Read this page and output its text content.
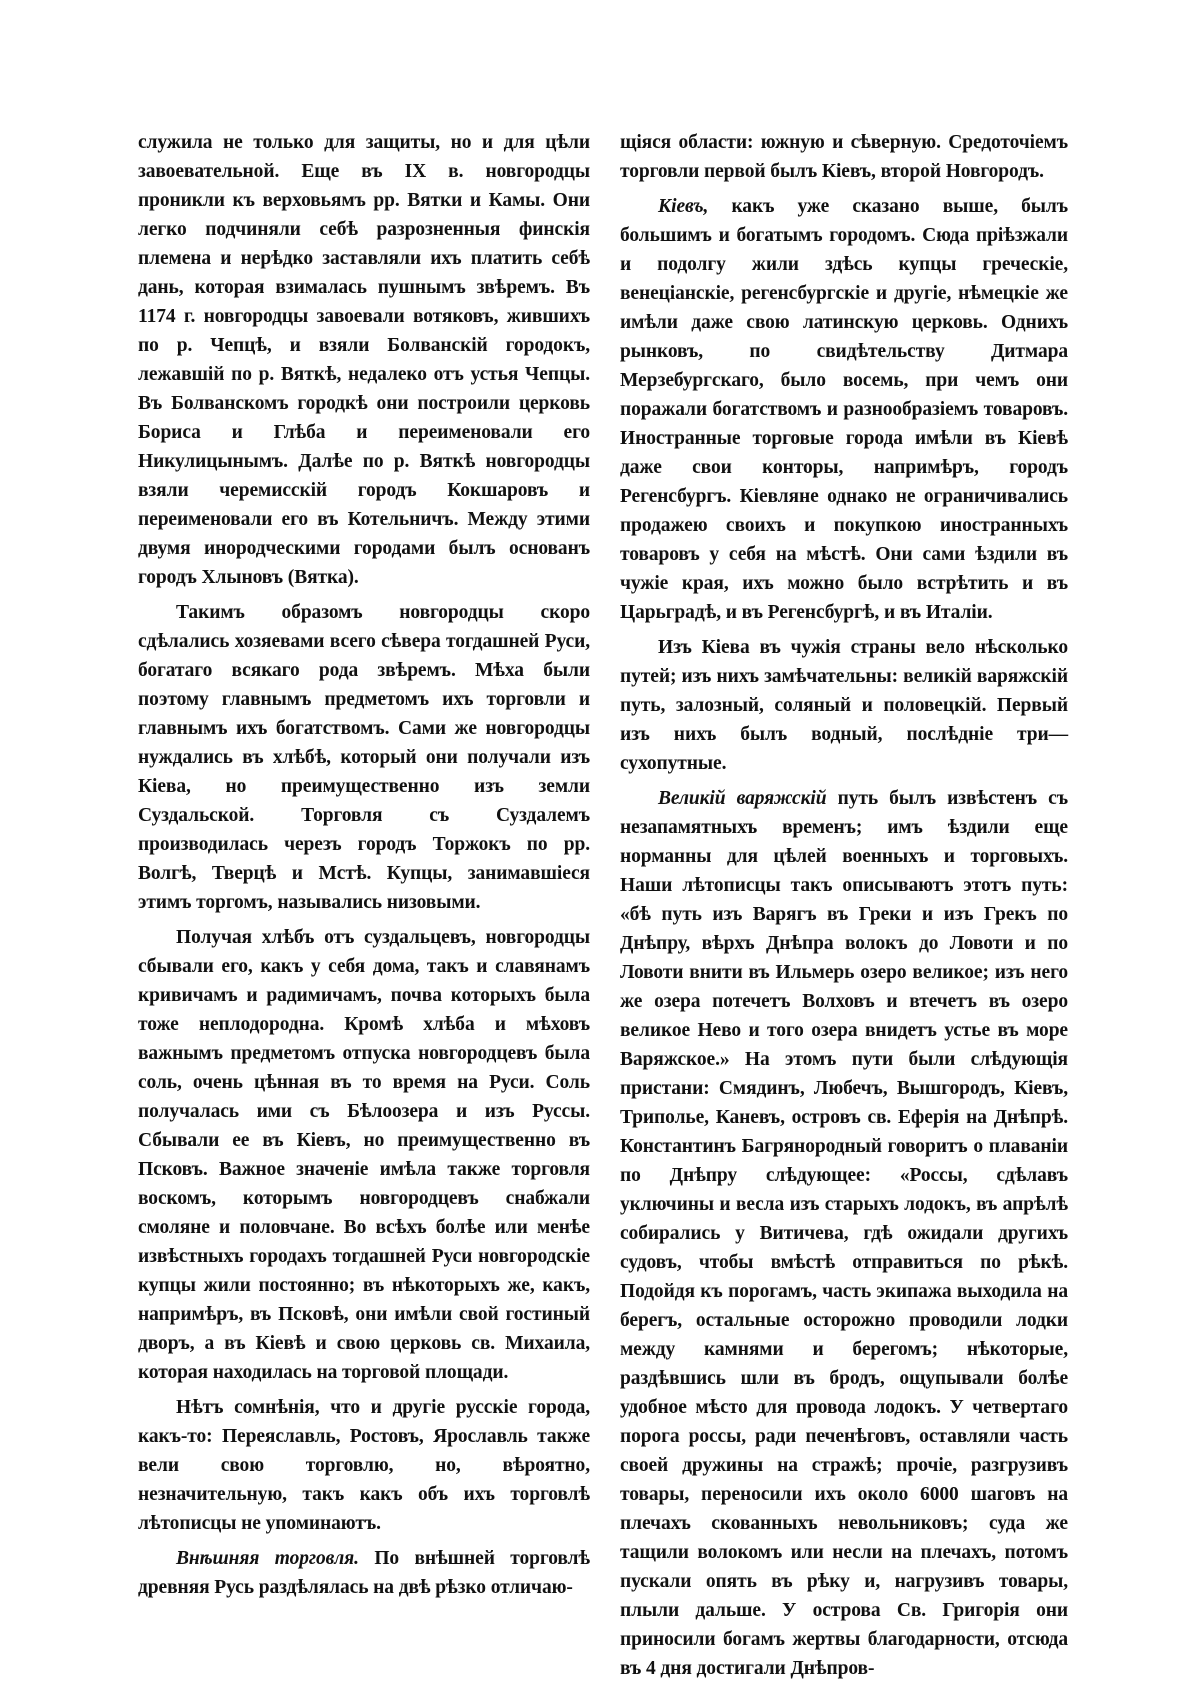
служила не только для защиты, но и для цѣли завоевательной. Еще въ IX в. новгородцы проникли къ верховьямъ рр. Вятки и Камы. Они легко подчиняли себѣ разрозненныя финскія племена и нерѣдко заставляли ихъ платить себѣ дань, которая взималась пушнымъ звѣремъ. Въ 1174 г. новгородцы завоевали вотяковъ, жившихъ по р. Чепцѣ, и взяли Болванскій городокъ, лежавшій по р. Вяткѣ, недалеко отъ устья Чепцы. Въ Болванскомъ городкѣ они построили церковь Бориса и Глѣба и переименовали его Никулицынымъ. Далѣе по р. Вяткѣ новгородцы взяли черемисскій городъ Кокшаровъ и переименовали его въ Котельничъ. Между этими двумя инородческими городами былъ основанъ городъ Хлыновъ (Вятка).

Такимъ образомъ новгородцы скоро сдѣлались хозяевами всего сѣвера тогдашней Руси, богатаго всякаго рода звѣремъ. Мѣха были поэтому главнымъ предметомъ ихъ торговли и главнымъ ихъ богатствомъ. Сами же новгородцы нуждались въ хлѣбѣ, который они получали изъ Кіева, но преимущественно изъ земли Суздальской. Торговля съ Суздалемъ производилась черезъ городъ Торжокъ по рр. Волгѣ, Тверцѣ и Мстѣ. Купцы, занимавшіеся этимъ торгомъ, назывались низовыми.

Получая хлѣбъ отъ суздальцевъ, новгородцы сбывали его, какъ у себя дома, такъ и славянамъ кривичамъ и радимичамъ, почва которыхъ была тоже неплодородна. Кромѣ хлѣба и мѣховъ важнымъ предметомъ отпуска новгородцевъ была соль, очень цѣнная въ то время на Руси. Соль получалась ими съ Бѣлоозера и изъ Руссы. Сбывали ее въ Кіевъ, но преимущественно въ Псковъ. Важное значеніе имѣла также торговля воскомъ, которымъ новгородцевъ снабжали смоляне и половчане. Во всѣхъ болѣе или менѣе извѣстныхъ городахъ тогдашней Руси новгородскіе купцы жили постоянно; въ нѣкоторыхъ же, какъ, напримѣръ, въ Псковѣ, они имѣли свой гостиный дворъ, а въ Кіевѣ и свою церковь св. Михаила, которая находилась на торговой площади.

Нѣтъ сомнѣнія, что и другіе русскіе города, какъ-то: Переяславль, Ростовъ, Ярославль также вели свою торговлю, но, вѣроятно, незначительную, такъ какъ объ ихъ торговлѣ лѣтописцы не упоминаютъ.

Внѣшняя торговля. По внѣшней торговлѣ древняя Русь раздѣлялась на двѣ рѣзко отличаю-

щіяся области: южную и сѣверную. Средоточіемъ торговли первой былъ Кіевъ, второй Новгородъ.

Кіевъ, какъ уже сказано выше, былъ большимъ и богатымъ городомъ. Сюда пріѣзжали и подолгу жили здѣсь купцы греческіе, венеціанскіе, регенсбургскіе и другіе, нѣмецкіе же имѣли даже свою латинскую церковь. Однихъ рынковъ, по свидѣтельству Дитмара Мерзебургскаго, было восемь, при чемъ они поражали богатствомъ и разнообразіемъ товаровъ. Иностранные торговые города имѣли въ Кіевѣ даже свои конторы, напримѣръ, городъ Регенсбургъ. Кіевляне однако не ограничивались продажею своихъ и покупкою иностранныхъ товаровъ у себя на мѣстѣ. Они сами ѣздили въ чужіе края, ихъ можно было встрѣтить и въ Царьградѣ, и въ Регенсбургѣ, и въ Италіи.

Изъ Кіева въ чужія страны вело нѣсколько путей; изъ нихъ замѣчательны: великій варяжскій путь, залозный, соляный и половецкій. Первый изъ нихъ былъ водный, послѣдніе три—сухопутные.

Великій варяжскій путь былъ извѣстенъ съ незапамятныхъ временъ; имъ ѣздили еще норманны для цѣлей военныхъ и торговыхъ. Наши лѣтописцы такъ описываютъ этотъ путь: «бѣ путь изъ Варягъ въ Греки и изъ Грекъ по Днѣпру, вѣрхъ Днѣпра волокъ до Ловоти и по Ловоти внити въ Ильмерь озеро великое; изъ него же озера потечетъ Волховъ и втечетъ въ озеро великое Нево и того озера внидетъ устье въ море Варяжское.» На этомъ пути были слѣдующія пристани: Смядинъ, Любечъ, Вышгородъ, Кіевъ, Триполье, Каневъ, островъ св. Еферія на Днѣпрѣ. Константинъ Багрянородный говоритъ о плаваніи по Днѣпру слѣдующее: «Россы, сдѣлавъ уключины и весла изъ старыхъ лодокъ, въ апрѣлѣ собирались у Витичева, гдѣ ожидали другихъ судовъ, чтобы вмѣстѣ отправиться по рѣкѣ. Подойдя къ порогамъ, часть экипажа выходила на берегъ, остальные осторожно проводили лодки между камнями и берегомъ; нѣкоторые, раздѣвшись шли въ бродъ, ощупывали болѣе удобное мѣсто для провода лодокъ. У четвертаго порога россы, ради печенѣговъ, оставляли часть своей дружины на стражѣ; прочіе, разгрузивъ товары, переносили ихъ около 6000 шаговъ на плечахъ скованныхъ невольниковъ; суда же тащили волокомъ или несли на плечахъ, потомъ пускали опять въ рѣку и, нагрузивъ товары, плыли дальше. У острова Св. Григорія они приносили богамъ жертвы благодарности, отсюда въ 4 дня достигали Днѣпров-
